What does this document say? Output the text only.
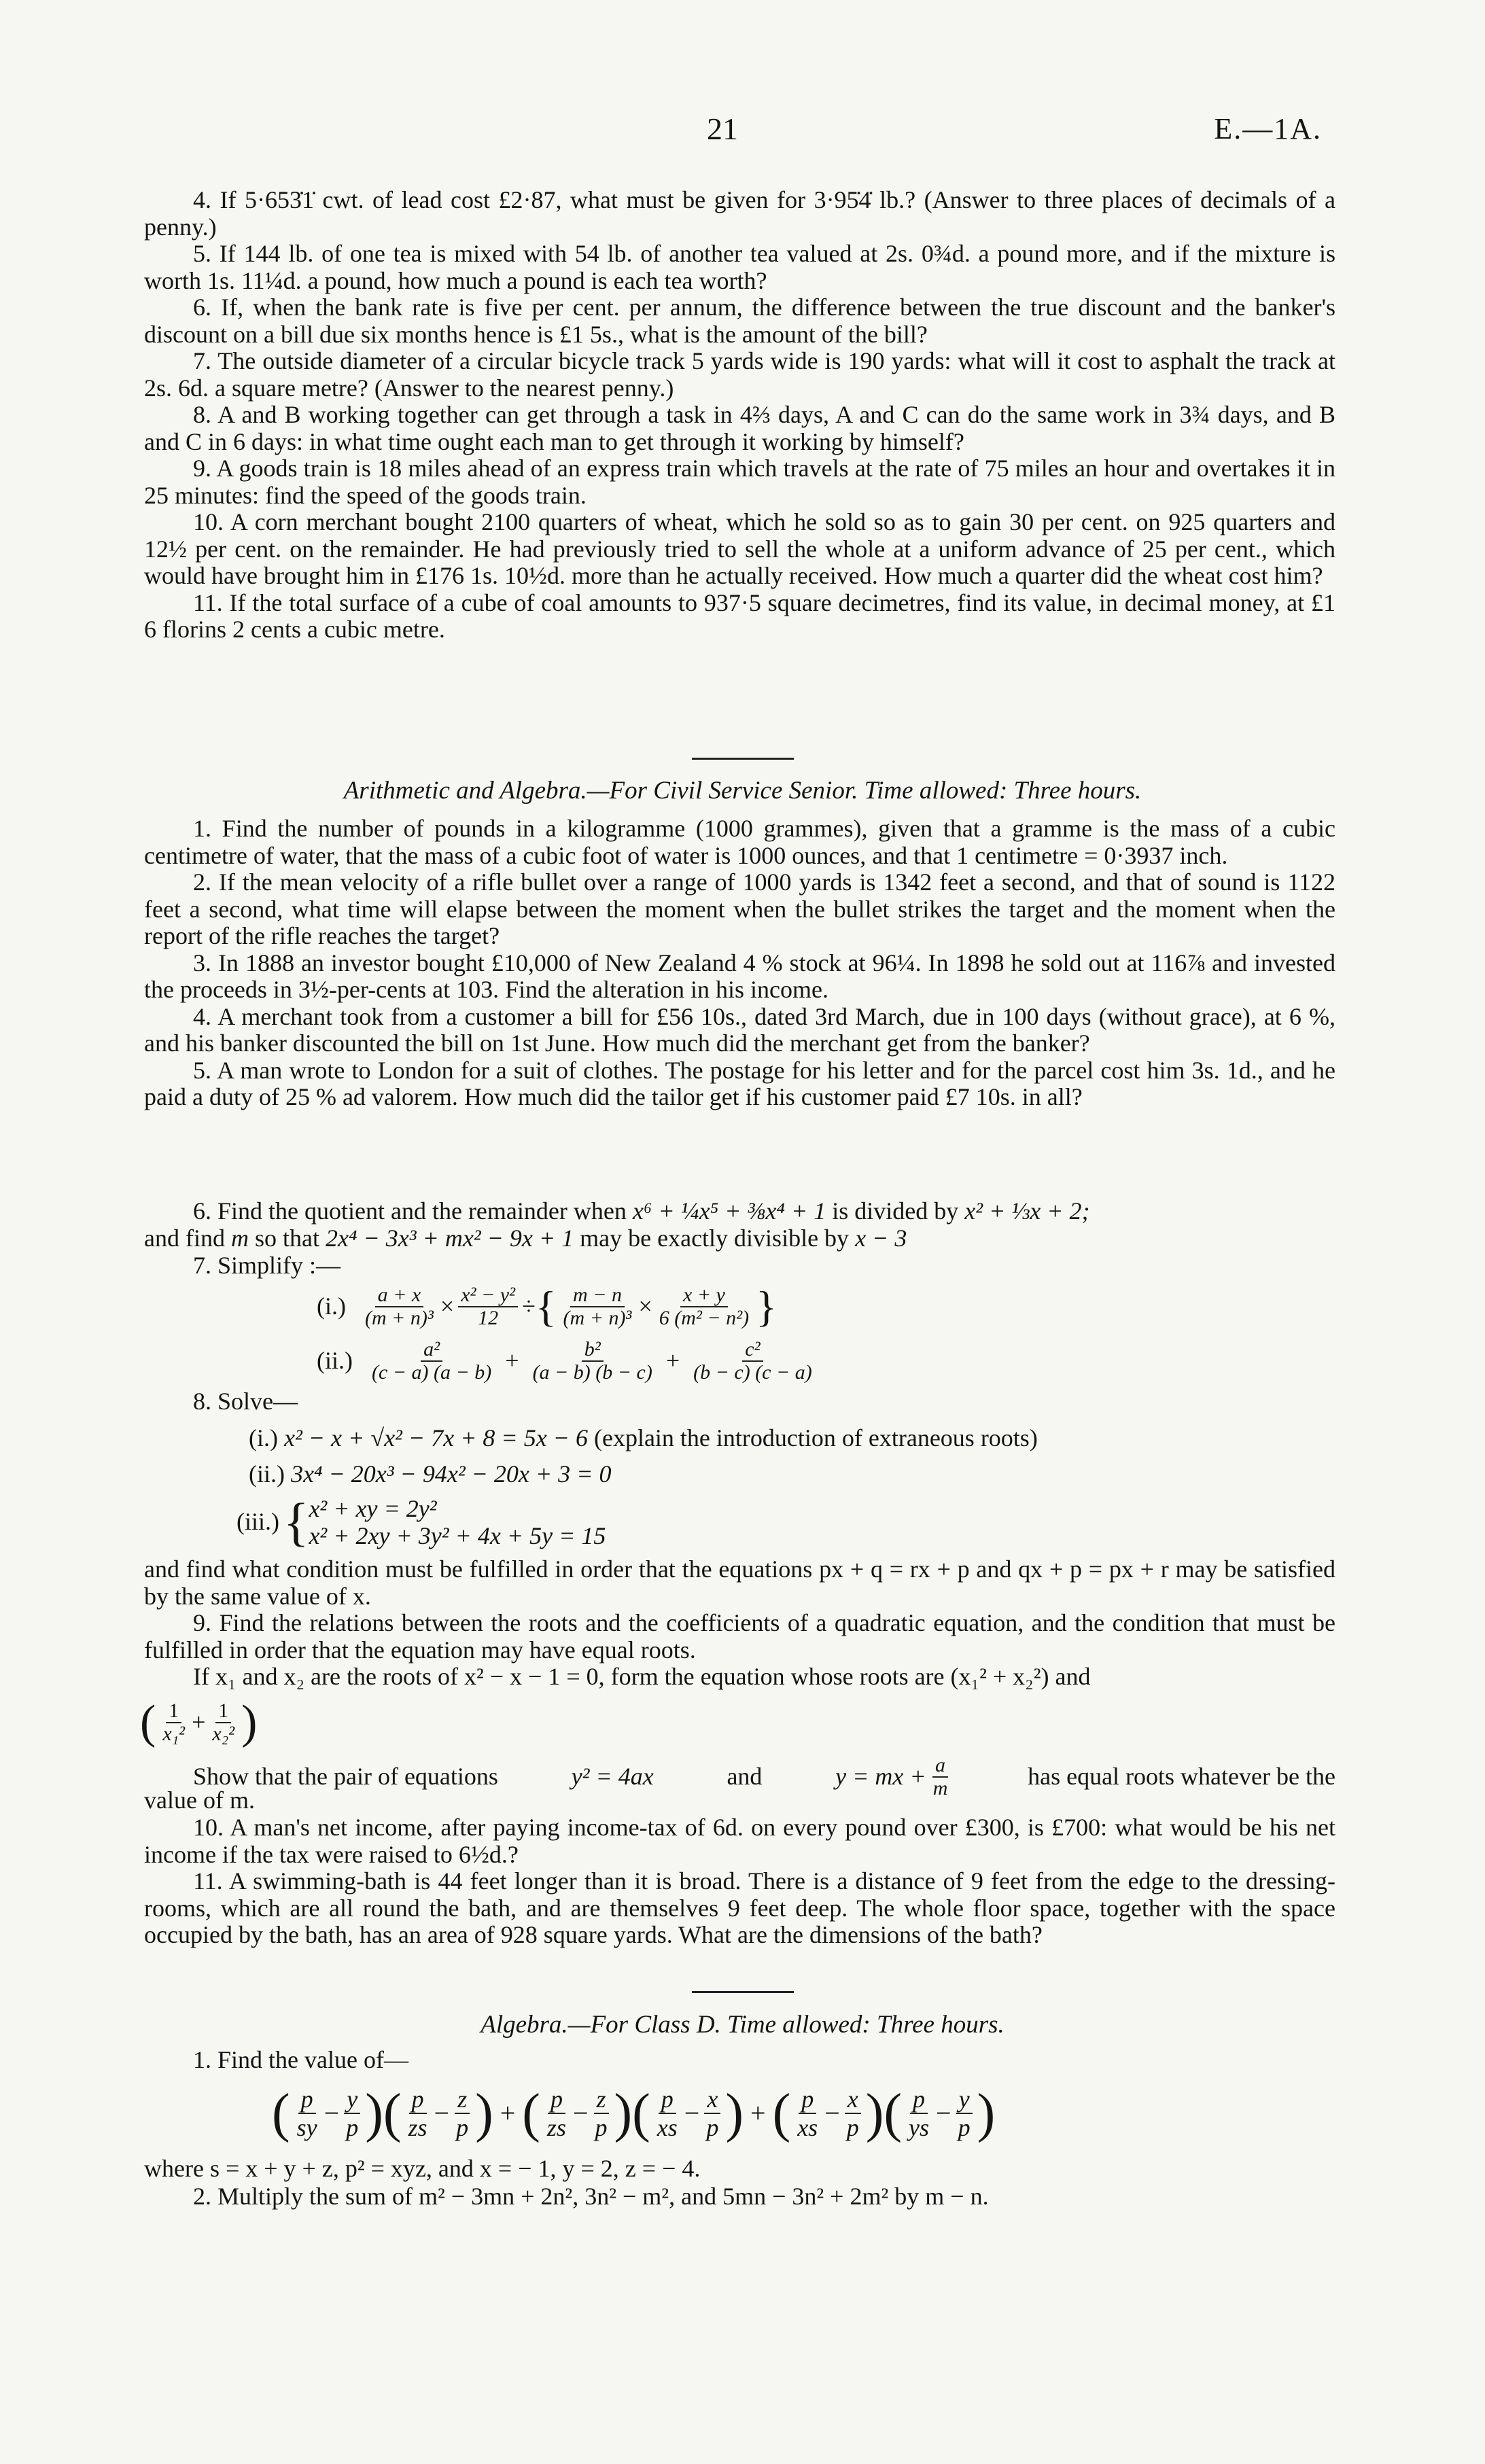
21	E.—1A.

4. If 5·653̇1̇ cwt. of lead cost £2·87, what must be given for 3·95̇4̇ lb.? (Answer to three places of decimals of a penny.)

5. If 144 lb. of one tea is mixed with 54 lb. of another tea valued at 2s. 0¾d. a pound more, and if the mixture is worth 1s. 11¼d. a pound, how much a pound is each tea worth?

6. If, when the bank rate is five per cent. per annum, the difference between the true discount and the banker's discount on a bill due six months hence is £1 5s., what is the amount of the bill?

7. The outside diameter of a circular bicycle track 5 yards wide is 190 yards: what will it cost to asphalt the track at 2s. 6d. a square metre? (Answer to the nearest penny.)

8. A and B working together can get through a task in 4⅔ days, A and C can do the same work in 3¾ days, and B and C in 6 days: in what time ought each man to get through it working by himself?

9. A goods train is 18 miles ahead of an express train which travels at the rate of 75 miles an hour and overtakes it in 25 minutes: find the speed of the goods train.

10. A corn merchant bought 2100 quarters of wheat, which he sold so as to gain 30 per cent. on 925 quarters and 12½ per cent. on the remainder. He had previously tried to sell the whole at a uniform advance of 25 per cent., which would have brought him in £176 1s. 10½d. more than he actually received. How much a quarter did the wheat cost him?

11. If the total surface of a cube of coal amounts to 937·5 square decimetres, find its value, in decimal money, at £1 6 florins 2 cents a cubic metre.

Arithmetic and Algebra.—For Civil Service Senior. Time allowed: Three hours.

1. Find the number of pounds in a kilogramme (1000 grammes), given that a gramme is the mass of a cubic centimetre of water, that the mass of a cubic foot of water is 1000 ounces, and that 1 centimetre = 0·3937 inch.

2. If the mean velocity of a rifle bullet over a range of 1000 yards is 1342 feet a second, and that of sound is 1122 feet a second, what time will elapse between the moment when the bullet strikes the target and the moment when the report of the rifle reaches the target?

3. In 1888 an investor bought £10,000 of New Zealand 4 % stock at 96¼. In 1898 he sold out at 116⅞ and invested the proceeds in 3½-per-cents at 103. Find the alteration in his income.

4. A merchant took from a customer a bill for £56 10s., dated 3rd March, due in 100 days (without grace), at 6 %, and his banker discounted the bill on 1st June. How much did the merchant get from the banker?

5. A man wrote to London for a suit of clothes. The postage for his letter and for the parcel cost him 3s. 1d., and he paid a duty of 25 % ad valorem. How much did the tailor get if his customer paid £7 10s. in all?

6. Find the quotient and the remainder when x⁶ + ¼x⁵ + ⅜x⁴ + 1 is divided by x² + ⅓x + 2;
and find m so that 2x⁴ − 3x³ + mx² − 9x + 1 may be exactly divisible by x − 3
7. Simplify :—
$(i.) \frac{a + x}{\text{(m + n)³}} \times \frac{\text{x² − y²}}{12}$ ÷ { $\frac{m - n}{\text{(m + n)³}} \times \frac{x + y}{\text{6 (m² − n²)}}$ }
$(ii.) \frac{\text{a²}}{(c - a) (a - b)} + \frac{\text{b²}}{(a - b) (b - c)} + \frac{\text{c²}}{(b - c) (c - a)}$
8. Solve—
(i.) x² − x + √x² − 7x + 8 = 5x − 6 (explain the introduction of extraneous roots)
(ii.) 3x⁴ − 20x³ − 94x² − 20x + 3 = 0
(iii.) { x² + xy = 2y²
x² + 2xy + 3y² + 4x + 5y = 15

and find what condition must be fulfilled in order that the equations px + q = rx + p and qx + p = px + r may be satisfied by the same value of x.

9. Find the relations between the roots and the coefficients of a quadratic equation, and the condition that must be fulfilled in order that the equation may have equal roots.

If x₁ and x₂ are the roots of x² − x − 1 = 0, form the equation whose roots are (x₁² + x₂²) and

( $\frac{1}{\text{x₁²}} + \frac{1}{\text{x₂²}}$ )
Show that the pair of equations	y² = 4ax	and	y = mx + $\frac{a}{m}$	has equal roots whatever be the
value of m.

10. A man's net income, after paying income-tax of 6d. on every pound over £300, is £700: what would be his net income if the tax were raised to 6½d.?

11. A swimming-bath is 44 feet longer than it is broad. There is a distance of 9 feet from the edge to the dressing-rooms, which are all round the bath, and are themselves 9 feet deep. The whole floor space, together with the space occupied by the bath, has an area of 928 square yards. What are the dimensions of the bath?

Algebra.—For Class D. Time allowed: Three hours.
1. Find the value of—
( $\frac{p}{sy} - \frac{y}{p}$ ) ( $\frac{p}{zs} - \frac{z}{p}$ ) + ( $\frac{p}{zs} - \frac{z}{p}$ ) ( $\frac{p}{xs} - \frac{x}{p}$ ) + ( $\frac{p}{xs} - \frac{x}{p}$ ) ( $\frac{p}{ys} - \frac{y}{p}$ )
where s = x + y + z, p² = xyz, and x = − 1, y = 2, z = − 4.
2. Multiply the sum of m² − 3mn + 2n², 3n² − m², and 5mn − 3n² + 2m² by m − n.
